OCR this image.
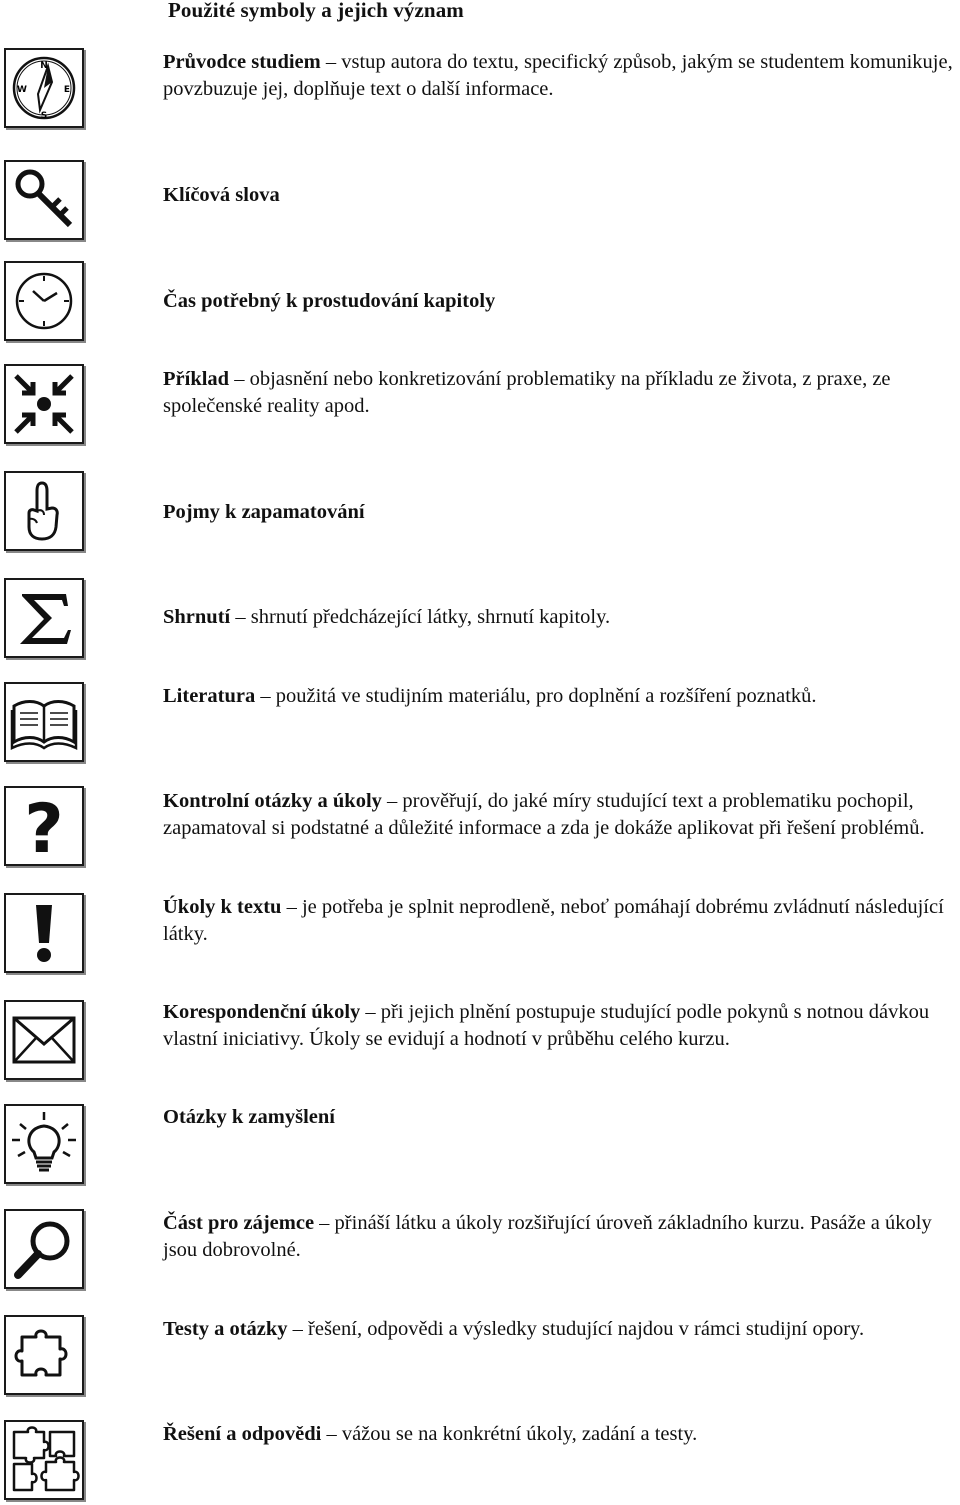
Použité symboly a jejich význam
N
S
W	E
Průvodce studiem – vstup autora do textu, specifický způsob, jakým se studentem komunikuje, povzbuzuje jej, doplňuje text o další informace.
Klíčová slova
Čas potřebný k prostudování kapitoly
Příklad – objasnění nebo konkretizování problematiky na příkladu ze života, z praxe, ze společenské reality apod.
Pojmy k zapamatování
Shrnutí – shrnutí předcházející látky, shrnutí kapitoly.
Literatura – použitá ve studijním materiálu, pro doplnění a rozšíření poznatků.
?	Kontrolní otázky a úkoly – prověřují, do jaké míry studující text a problematiku pochopil, zapamatoval si podstatné a důležité informace a zda je dokáže aplikovat při řešení problémů.
Úkoly k textu – je potřeba je splnit neprodleně, neboť pomáhají dobrému zvládnutí následující látky.
Korespondenční úkoly – při jejich plnění postupuje studující podle pokynů s notnou dávkou vlastní iniciativy. Úkoly se evidují a hodnotí v průběhu celého kurzu.
Otázky k zamyšlení
Část pro zájemce – přináší látku a úkoly rozšiřující úroveň základního kurzu. Pasáže a úkoly jsou dobrovolné.
Testy a otázky – řešení, odpovědi a výsledky studující najdou v rámci studijní opory.
Řešení a odpovědi – vážou se na konkrétní úkoly, zadání a testy.
